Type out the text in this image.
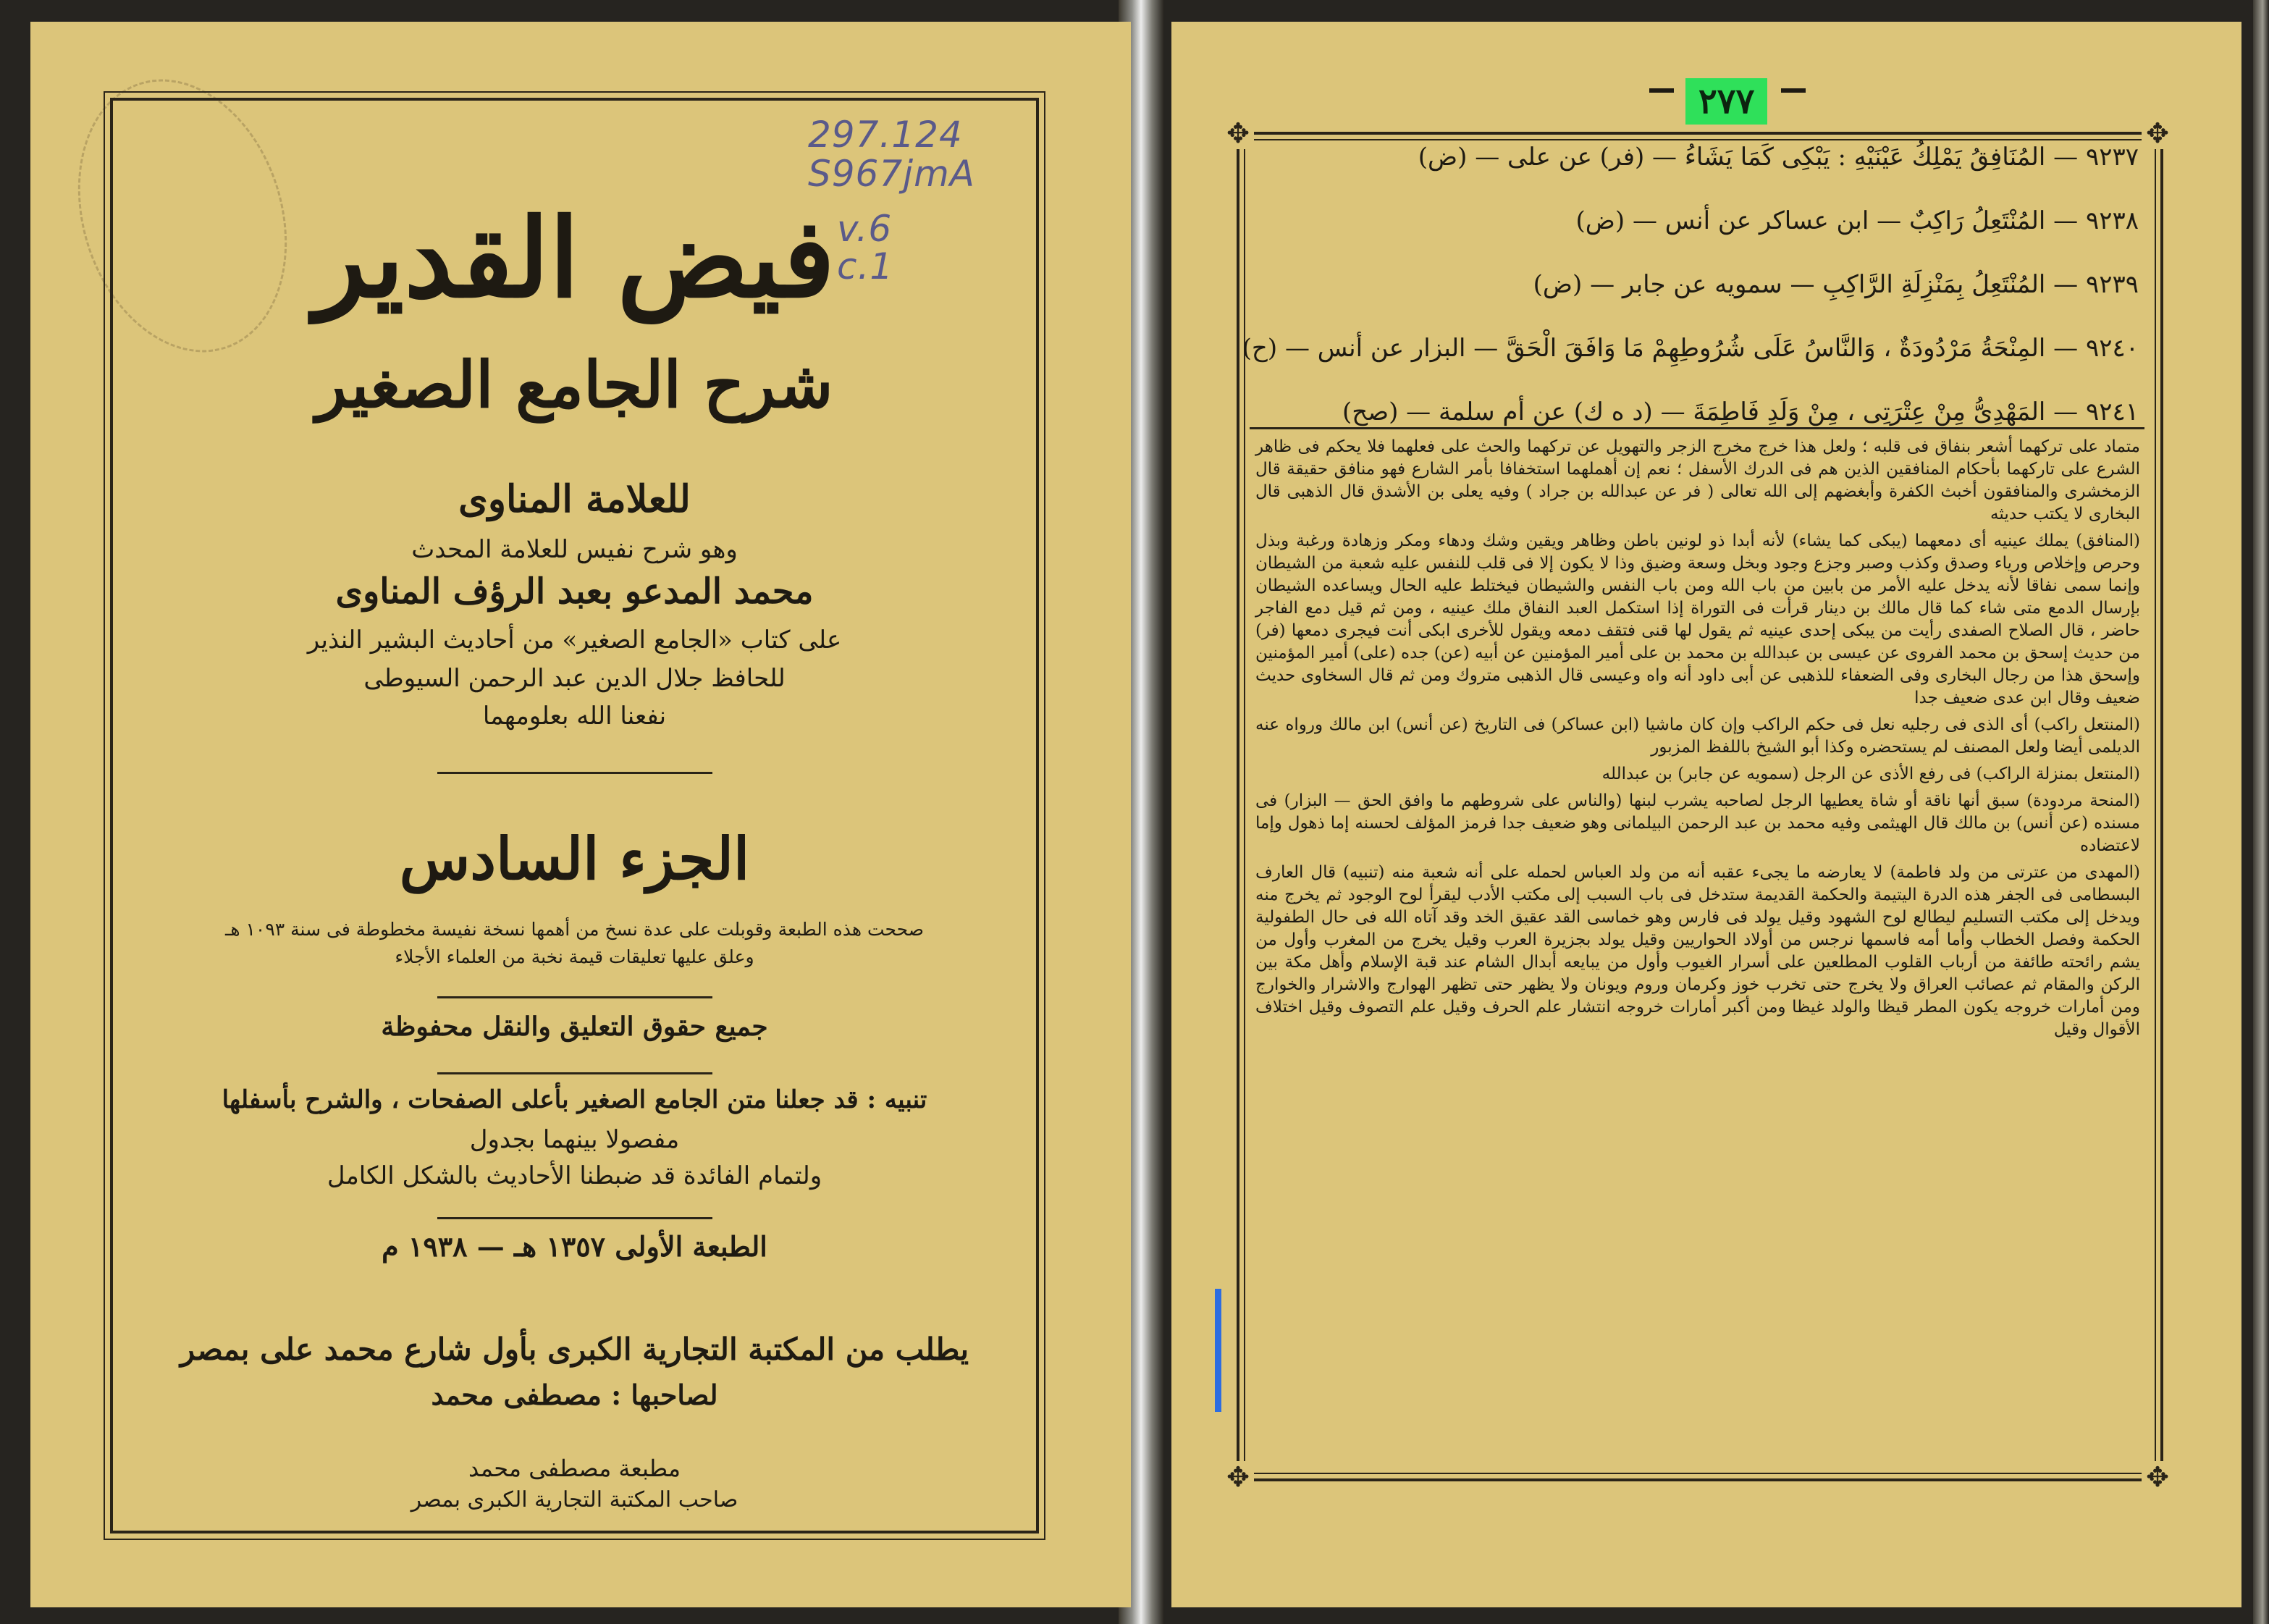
297.124
S967jmA
v.6
c.1
فيض القدير
شرح الجامع الصغير
للعلامة المناوى
وهو شرح نفيس للعلامة المحدث
محمد المدعو بعبد الرؤف المناوى
على كتاب «الجامع الصغير» من أحاديث البشير النذير
للحافظ جلال الدين عبد الرحمن السيوطى
نفعنا الله بعلومهما
الجزء السادس
صححت هذه الطبعة وقوبلت على عدة نسخ من أهمها نسخة نفيسة مخطوطة فى سنة ١٠٩٣ هـ
وعلق عليها تعليقات قيمة نخبة من العلماء الأجلاء
جميع حقوق التعليق والنقل محفوظة
تنبيه : قد جعلنا متن الجامع الصغير بأعلى الصفحات ، والشرح بأسفلها
مفصولا بينهما بجدول
ولتمام الفائدة قد ضبطنا الأحاديث بالشكل الكامل
الطبعة الأولى ١٣٥٧ هـ — ١٩٣٨ م
يطلب من المكتبة التجارية الكبرى بأول شارع محمد على بمصر
لصاحبها : مصطفى محمد
مطبعة مصطفى محمد
صاحب المكتبة التجارية الكبرى بمصر
٢٧٧
✥	✥
✥	✥
٩٢٣٧ — المُنَافِقُ يَمْلِكُ عَيْنَيْهِ : يَبْكِى كَمَا يَشَاءُ — (فر) عن على — (ض)
٩٢٣٨ — المُنْتَعِلُ رَاكِبٌ — ابن عساكر عن أنس — (ض)
٩٢٣٩ — المُنْتَعِلُ بِمَنْزِلَةِ الرَّاكِبِ — سمويه عن جابر — (ض)
٩٢٤٠ — المِنْحَةُ مَرْدُودَةٌ ، وَالنَّاسُ عَلَى شُرُوطِهِمْ مَا وَافَقَ الْحَقَّ — البزار عن أنس — (ح)
٩٢٤١ — المَهْدِىُّ مِنْ عِتْرَتِى ، مِنْ وَلَدِ فَاطِمَةَ — (د ه ك) عن أم سلمة — (صح)

متماد على تركهما أشعر بنفاق فى قلبه ؛ ولعل هذا خرج مخرج الزجر والتهويل عن تركهما والحث على فعلهما فلا يحكم فى ظاهر الشرع على تاركهما بأحكام المنافقين الذين هم فى الدرك الأسفل ؛ نعم إن أهملهما استخفافا بأمر الشارع فهو منافق حقيقة قال الزمخشرى والمنافقون أخبث الكفرة وأبغضهم إلى الله تعالى ( فر عن عبدالله بن جراد ) وفيه يعلى بن الأشدق قال الذهبى قال البخارى لا يكتب حديثه

(المنافق) يملك عينيه أى دمعهما (يبكى كما يشاء) لأنه أبدا ذو لونين باطن وظاهر ويقين وشك ودهاء ومكر وزهادة ورغبة وبذل وحرص وإخلاص ورياء وصدق وكذب وصبر وجزع وجود وبخل وسعة وضيق وذا لا يكون إلا فى قلب للنفس عليه شعبة من الشيطان وإنما سمى نفاقا لأنه يدخل عليه الأمر من بابين من باب الله ومن باب النفس والشيطان فيختلط عليه الحال ويساعده الشيطان بإرسال الدمع متى شاء كما قال مالك بن دينار قرأت فى التوراة إذا استكمل العبد النفاق ملك عينيه ، ومن ثم قيل دمع الفاجر حاضر ، قال الصلاح الصفدى رأيت من يبكى إحدى عينيه ثم يقول لها قنى فتقف دمعه ويقول للأخرى ابكى أنت فيجرى دمعها (فر) من حديث إسحق بن محمد الفروى عن عيسى بن عبدالله بن محمد بن على أمير المؤمنين عن أبيه (عن) جده (على) أمير المؤمنين وإسحق هذا من رجال البخارى وفى الضعفاء للذهبى عن أبى داود أنه واه وعيسى قال الذهبى متروك ومن ثم قال السخاوى حديث ضعيف وقال ابن عدى ضعيف جدا

(المنتعل راكب) أى الذى فى رجليه نعل فى حكم الراكب وإن كان ماشيا (ابن عساكر) فى التاريخ (عن أنس) ابن مالك ورواه عنه الديلمى أيضا ولعل المصنف لم يستحضره وكذا أبو الشيخ باللفظ المزبور

(المنتعل بمنزلة الراكب) فى رفع الأذى عن الرجل (سمويه عن جابر) بن عبدالله

(المنحة مردودة) سبق أنها ناقة أو شاة يعطيها الرجل لصاحبه يشرب لبنها (والناس على شروطهم ما وافق الحق — البزار) فى مسنده (عن أنس) بن مالك قال الهيثمى وفيه محمد بن عبد الرحمن البيلمانى وهو ضعيف جدا فرمز المؤلف لحسنه إما ذهول وإما لاعتضاده

(المهدى من عترتى من ولد فاطمة) لا يعارضه ما يجىء عقبه أنه من ولد العباس لحمله على أنه شعبة منه (تنبيه) قال العارف البسطامى فى الجفر هذه الدرة اليتيمة والحكمة القديمة ستدخل فى باب السبب إلى مكتب الأدب ليقرأ لوح الوجود ثم يخرج منه ويدخل إلى مكتب التسليم ليطالع لوح الشهود وقيل يولد فى فارس وهو خماسى القد عقيق الخد وقد آتاه الله فى حال الطفولية الحكمة وفصل الخطاب وأما أمه فاسمها نرجس من أولاد الحواريين وقيل يولد بجزيرة العرب وقيل يخرج من المغرب وأول من يشم رائحته طائفة من أرباب القلوب المطلعين على أسرار الغيوب وأول من يبايعه أبدال الشام عند قبة الإسلام وأهل مكة بين الركن والمقام ثم عصائب العراق ولا يخرج حتى تخرب خوز وكرمان وروم ويونان ولا يظهر حتى تظهر الهوارج والاشرار والخوارج ومن أمارات خروجه يكون المطر قيظا والولد غيظا ومن أكبر أمارات خروجه انتشار علم الحرف وقيل علم التصوف وقيل اختلاف الأقوال وقيل
